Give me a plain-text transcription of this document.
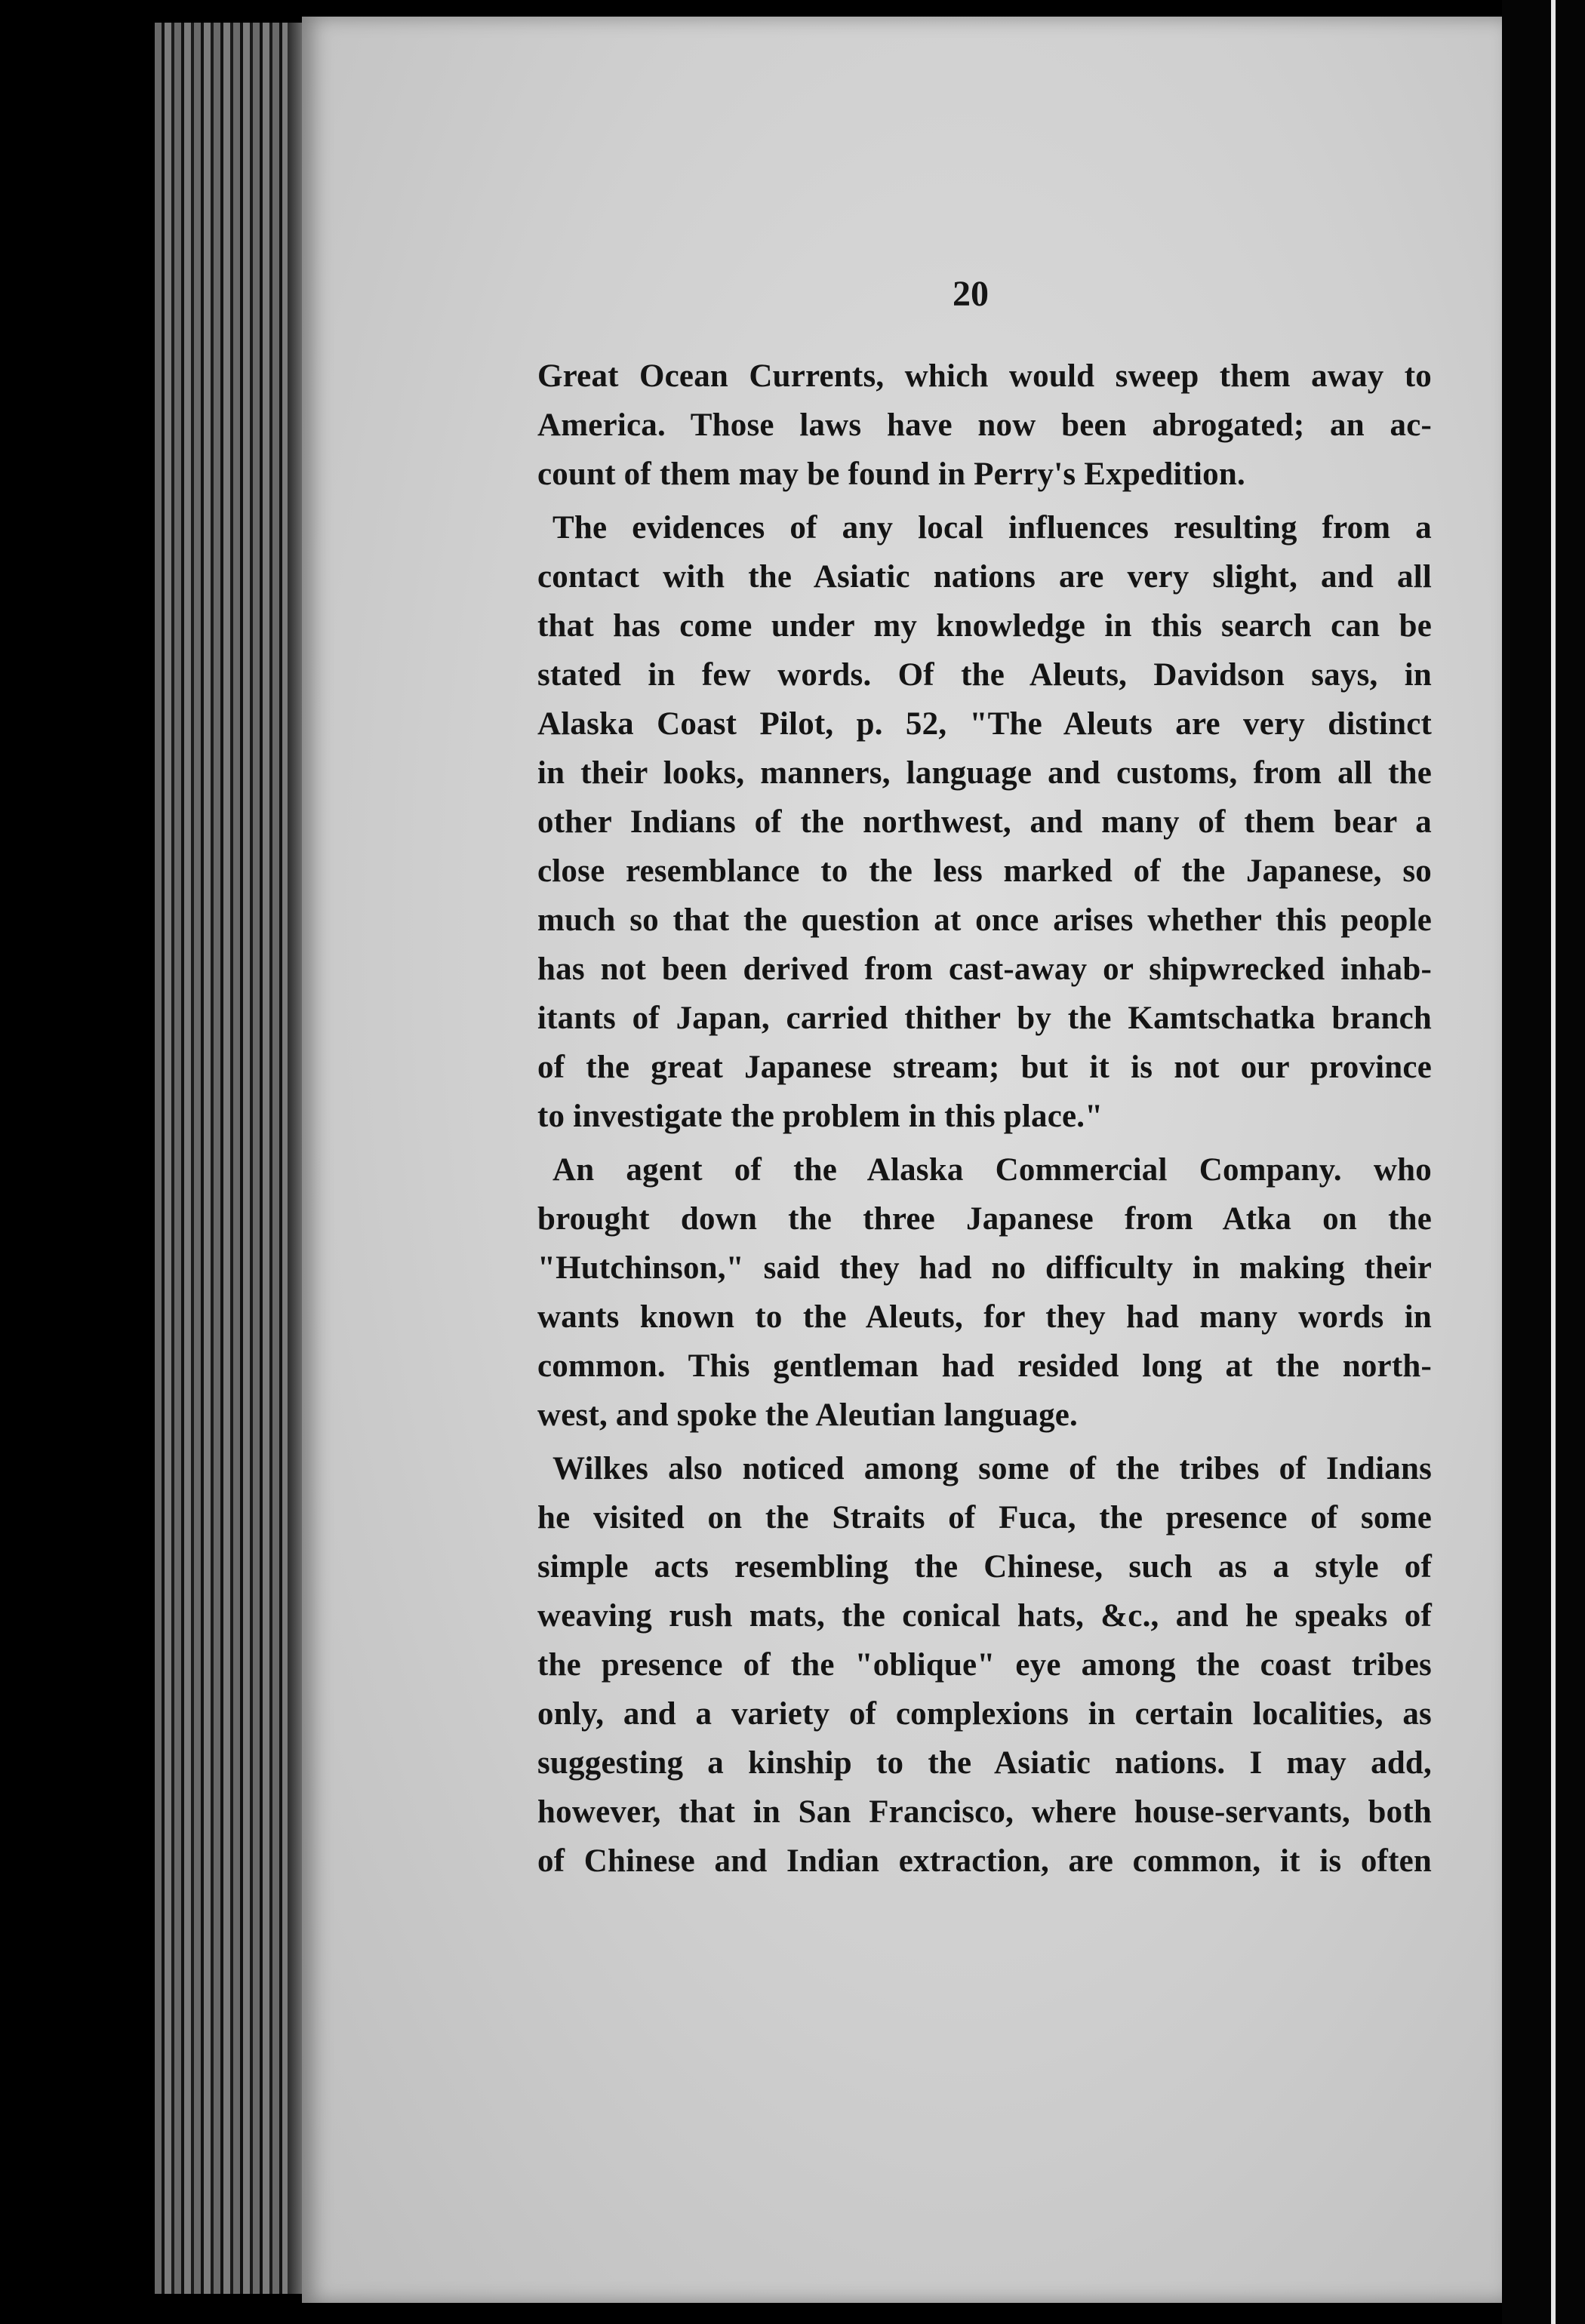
20
Great Ocean Currents, which would sweep them away to
America. Those laws have now been abrogated; an ac-
count of them may be found in Perry's Expedition.
The evidences of any local influences resulting from a
contact with the Asiatic nations are very slight, and all
that has come under my knowledge in this search can be
stated in few words. Of the Aleuts, Davidson says, in
Alaska Coast Pilot, p. 52, "The Aleuts are very distinct
in their looks, manners, language and customs, from all the
other Indians of the northwest, and many of them bear a
close resemblance to the less marked of the Japanese, so
much so that the question at once arises whether this people
has not been derived from cast-away or shipwrecked inhab-
itants of Japan, carried thither by the Kamtschatka branch
of the great Japanese stream; but it is not our province
to investigate the problem in this place."
An agent of the Alaska Commercial Company. who
brought down the three Japanese from Atka on the
"Hutchinson," said they had no difficulty in making their
wants known to the Aleuts, for they had many words in
common. This gentleman had resided long at the north-
west, and spoke the Aleutian language.
Wilkes also noticed among some of the tribes of Indians
he visited on the Straits of Fuca, the presence of some
simple acts resembling the Chinese, such as a style of
weaving rush mats, the conical hats, &c., and he speaks of
the presence of the "oblique" eye among the coast tribes
only, and a variety of complexions in certain localities, as
suggesting a kinship to the Asiatic nations. I may add,
however, that in San Francisco, where house-servants, both
of Chinese and Indian extraction, are common, it is often
